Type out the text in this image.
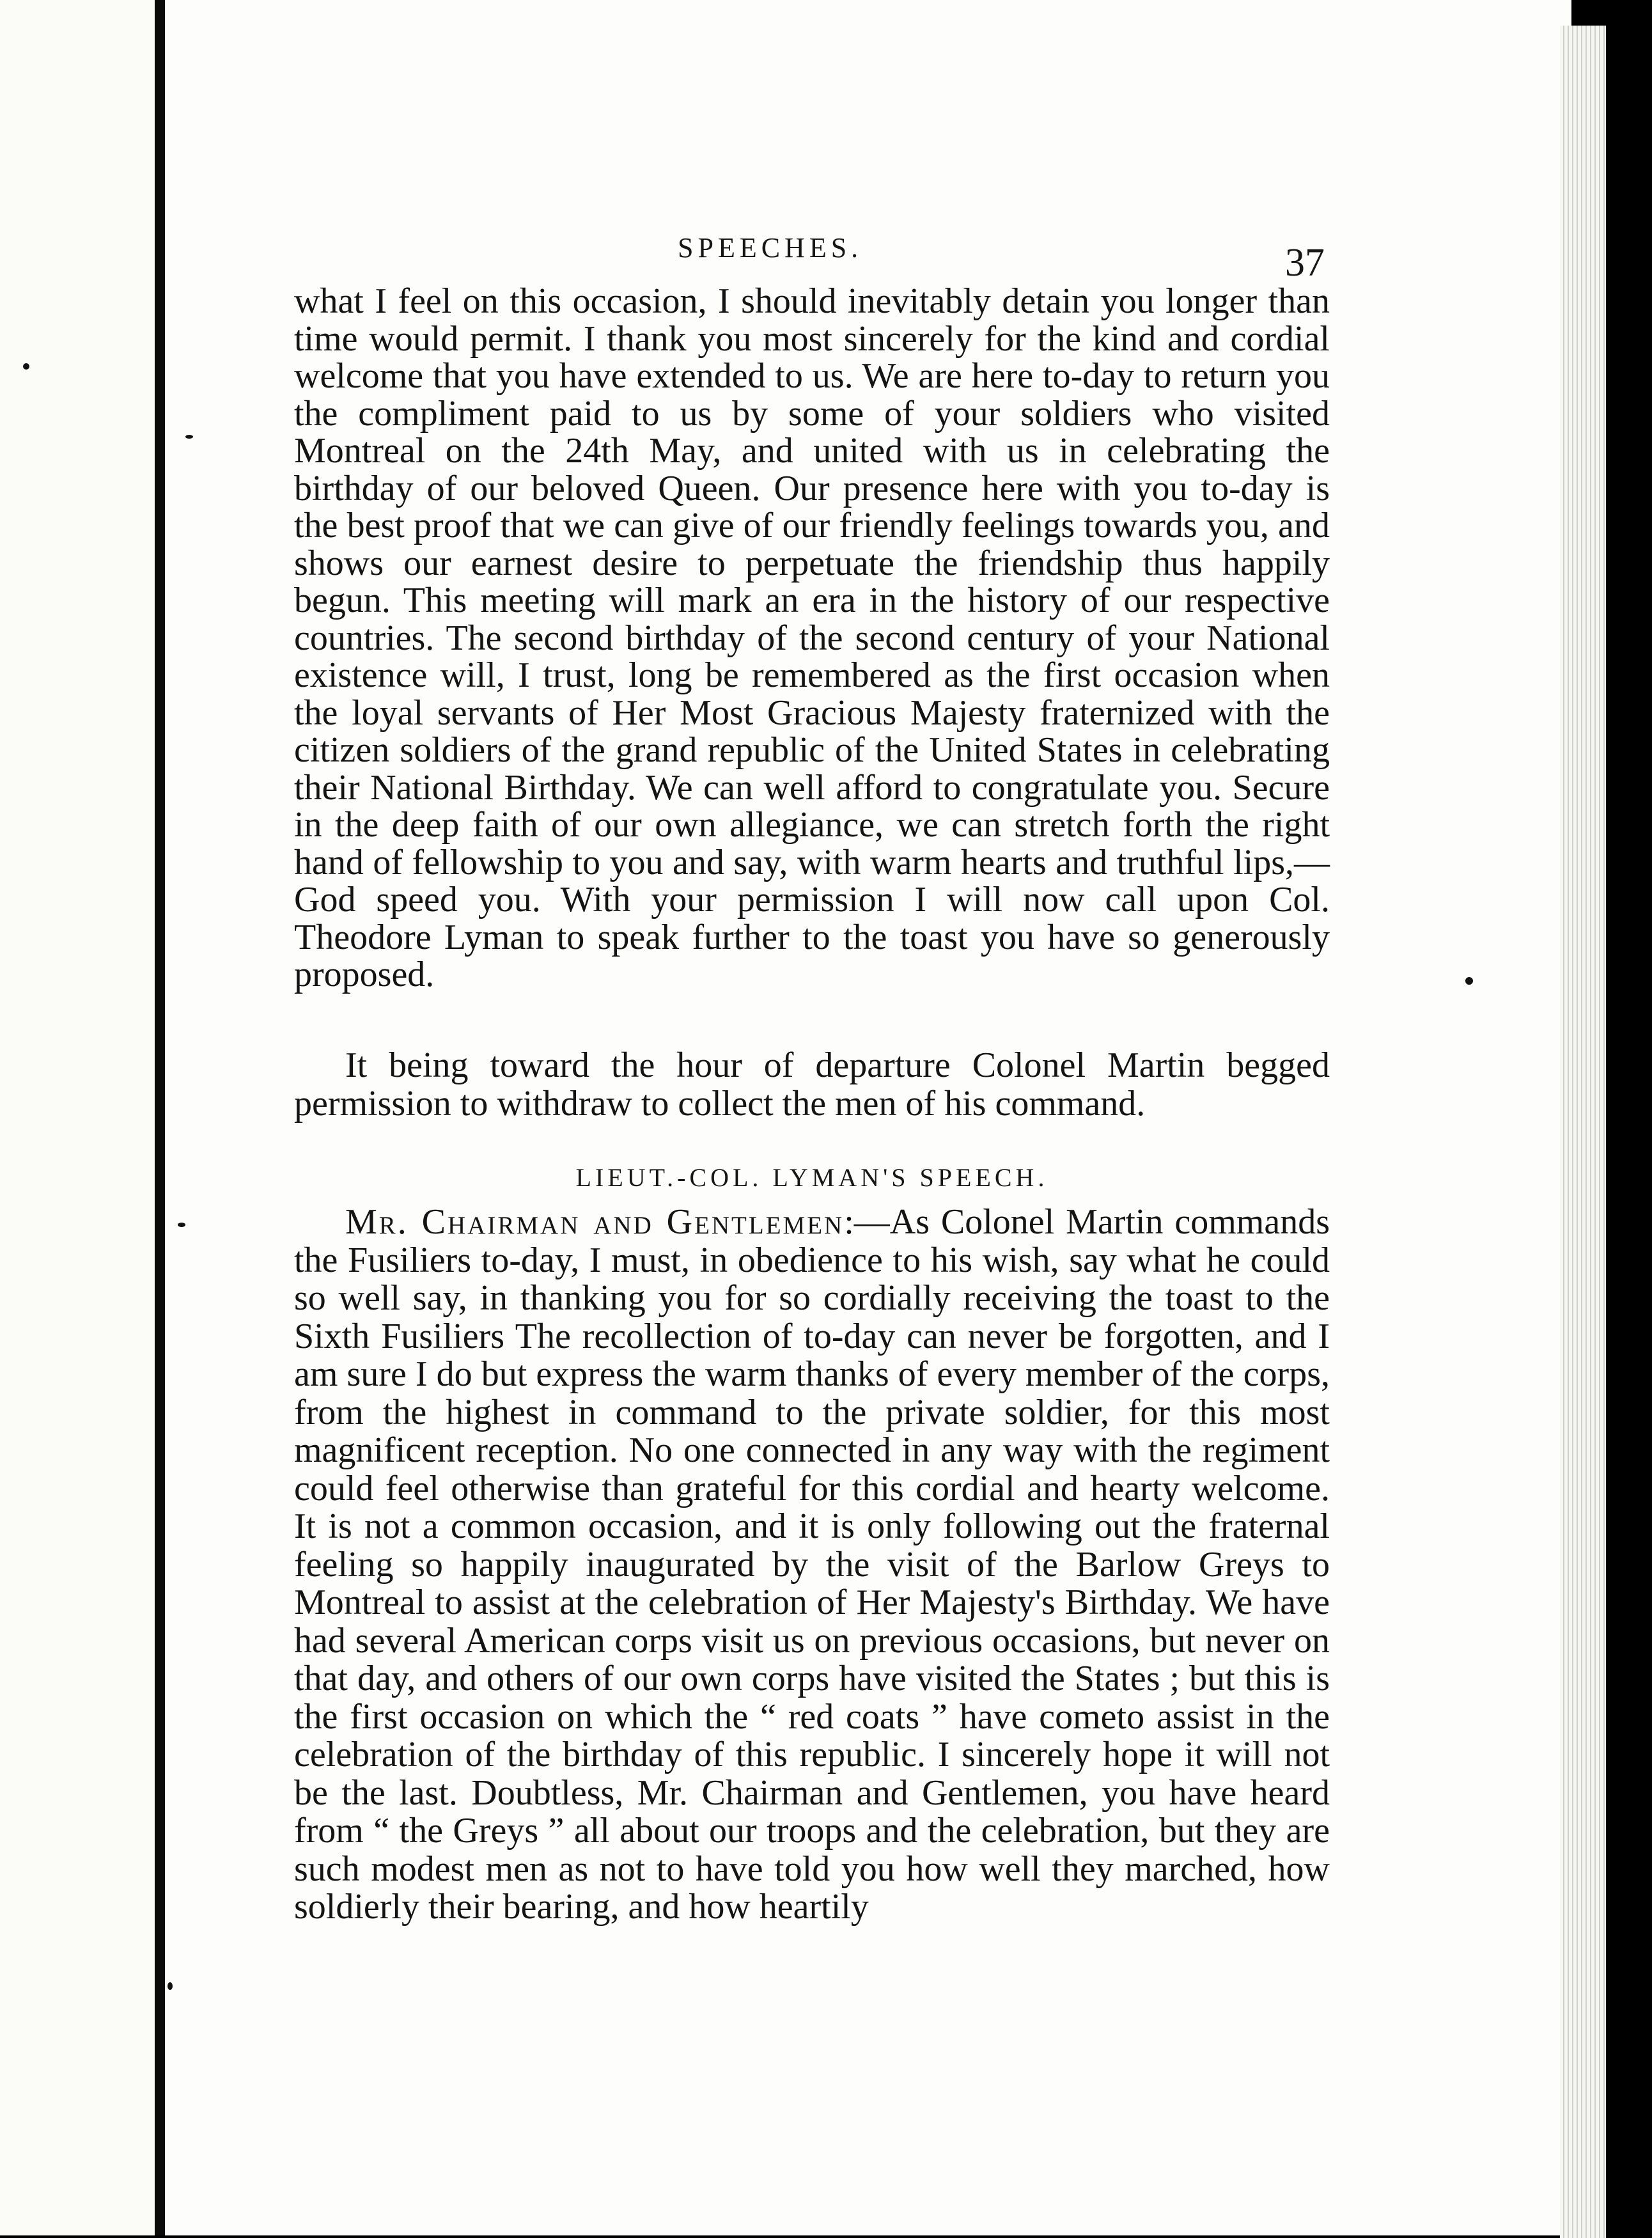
SPEECHES.	37
what I feel on this occasion, I should inevitably detain you longer than time would permit. I thank you most sincerely for the kind and cordial welcome that you have extended to us. We are here to-day to return you the compliment paid to us by some of your soldiers who visited Montreal on the 24th May, and united with us in celebrating the birthday of our beloved Queen. Our presence here with you to-day is the best proof that we can give of our friendly feelings towards you, and shows our earnest desire to perpetuate the friendship thus happily begun. This meeting will mark an era in the history of our respective countries. The second birthday of the second century of your National existence will, I trust, long be remembered as the first occasion when the loyal servants of Her Most Gracious Majesty fraternized with the citizen soldiers of the grand republic of the United States in celebrating their National Birthday. We can well afford to congratulate you. Secure in the deep faith of our own allegiance, we can stretch forth the right hand of fellowship to you and say, with warm hearts and truthful lips,—God speed you. With your permission I will now call upon Col. Theodore Lyman to speak further to the toast you have so generously proposed.
It being toward the hour of departure Colonel Martin begged permission to withdraw to collect the men of his command.
LIEUT.-COL. LYMAN'S SPEECH.
Mr. Chairman and Gentlemen:—As Colonel Martin commands the Fusiliers to-day, I must, in obedience to his wish, say what he could so well say, in thanking you for so cordially receiving the toast to the Sixth Fusiliers The recollection of to-day can never be forgotten, and I am sure I do but express the warm thanks of every member of the corps, from the highest in command to the private soldier, for this most magnificent reception. No one connected in any way with the regiment could feel otherwise than grateful for this cordial and hearty welcome. It is not a common occasion, and it is only following out the fraternal feeling so happily inaugurated by the visit of the Barlow Greys to Montreal to assist at the celebration of Her Majesty's Birthday. We have had several American corps visit us on previous occasions, but never on that day, and others of our own corps have visited the States ; but this is the first occasion on which the “ red coats ” have cometo assist in the celebration of the birthday of this republic. I sincerely hope it will not be the last. Doubtless, Mr. Chairman and Gentlemen, you have heard from “ the Greys ” all about our troops and the celebration, but they are such modest men as not to have told you how well they marched, how soldierly their bearing, and how heartily
